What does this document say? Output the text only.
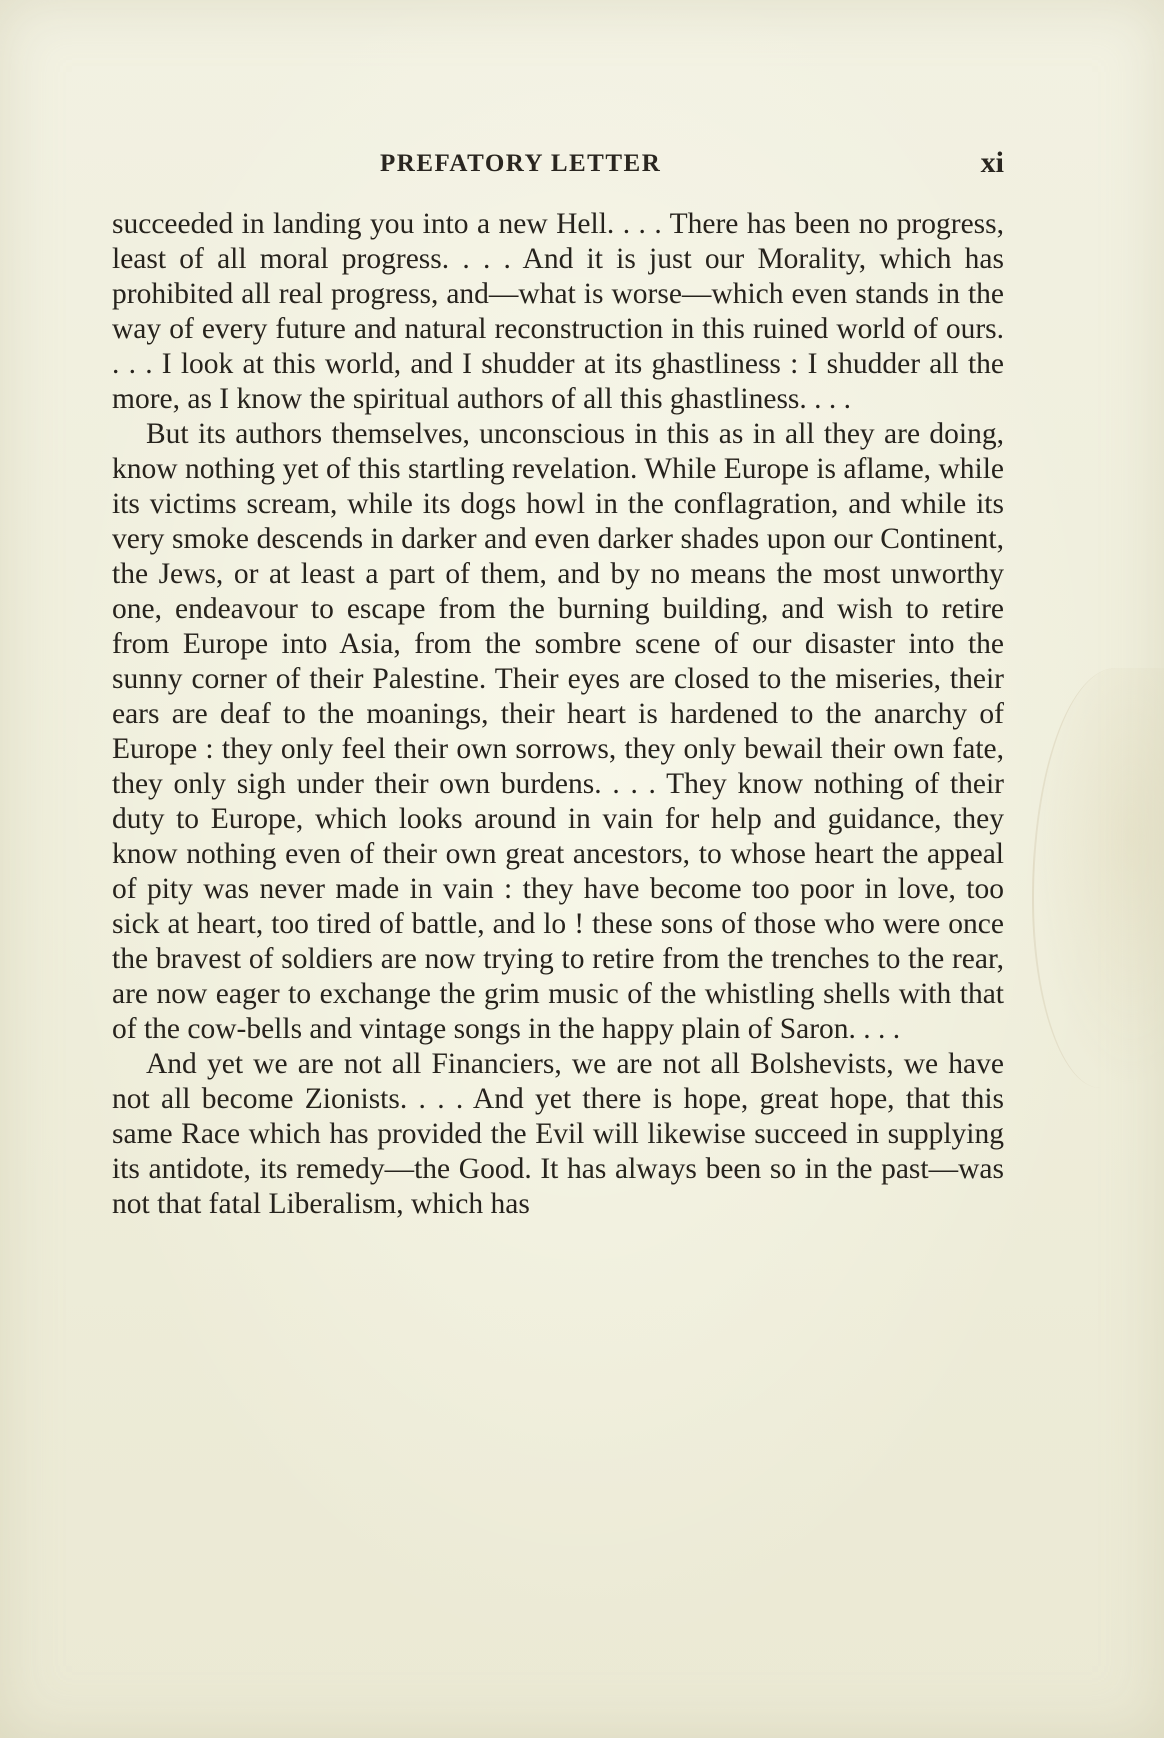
PREFATORY LETTER	xi

succeeded in landing you into a new Hell. . . . There has been no progress, least of all moral progress. . . . And it is just our Morality, which has prohibited all real progress, and—what is worse—which even stands in the way of every future and natural reconstruction in this ruined world of ours. . . . I look at this world, and I shudder at its ghastliness : I shudder all the more, as I know the spiritual authors of all this ghastliness. . . .

But its authors themselves, unconscious in this as in all they are doing, know nothing yet of this startling revelation. While Europe is aflame, while its victims scream, while its dogs howl in the conflagration, and while its very smoke descends in darker and even darker shades upon our Continent, the Jews, or at least a part of them, and by no means the most unworthy one, endeavour to escape from the burning building, and wish to retire from Europe into Asia, from the sombre scene of our disaster into the sunny corner of their Palestine. Their eyes are closed to the miseries, their ears are deaf to the moanings, their heart is hardened to the anarchy of Europe : they only feel their own sorrows, they only bewail their own fate, they only sigh under their own burdens. . . . They know nothing of their duty to Europe, which looks around in vain for help and guidance, they know nothing even of their own great ancestors, to whose heart the appeal of pity was never made in vain : they have become too poor in love, too sick at heart, too tired of battle, and lo ! these sons of those who were once the bravest of soldiers are now trying to retire from the trenches to the rear, are now eager to exchange the grim music of the whistling shells with that of the cow-bells and vintage songs in the happy plain of Saron. . . .

And yet we are not all Financiers, we are not all Bolshevists, we have not all become Zionists. . . . And yet there is hope, great hope, that this same Race which has provided the Evil will likewise succeed in supplying its antidote, its remedy—the Good. It has always been so in the past—was not that fatal Liberalism, which has
